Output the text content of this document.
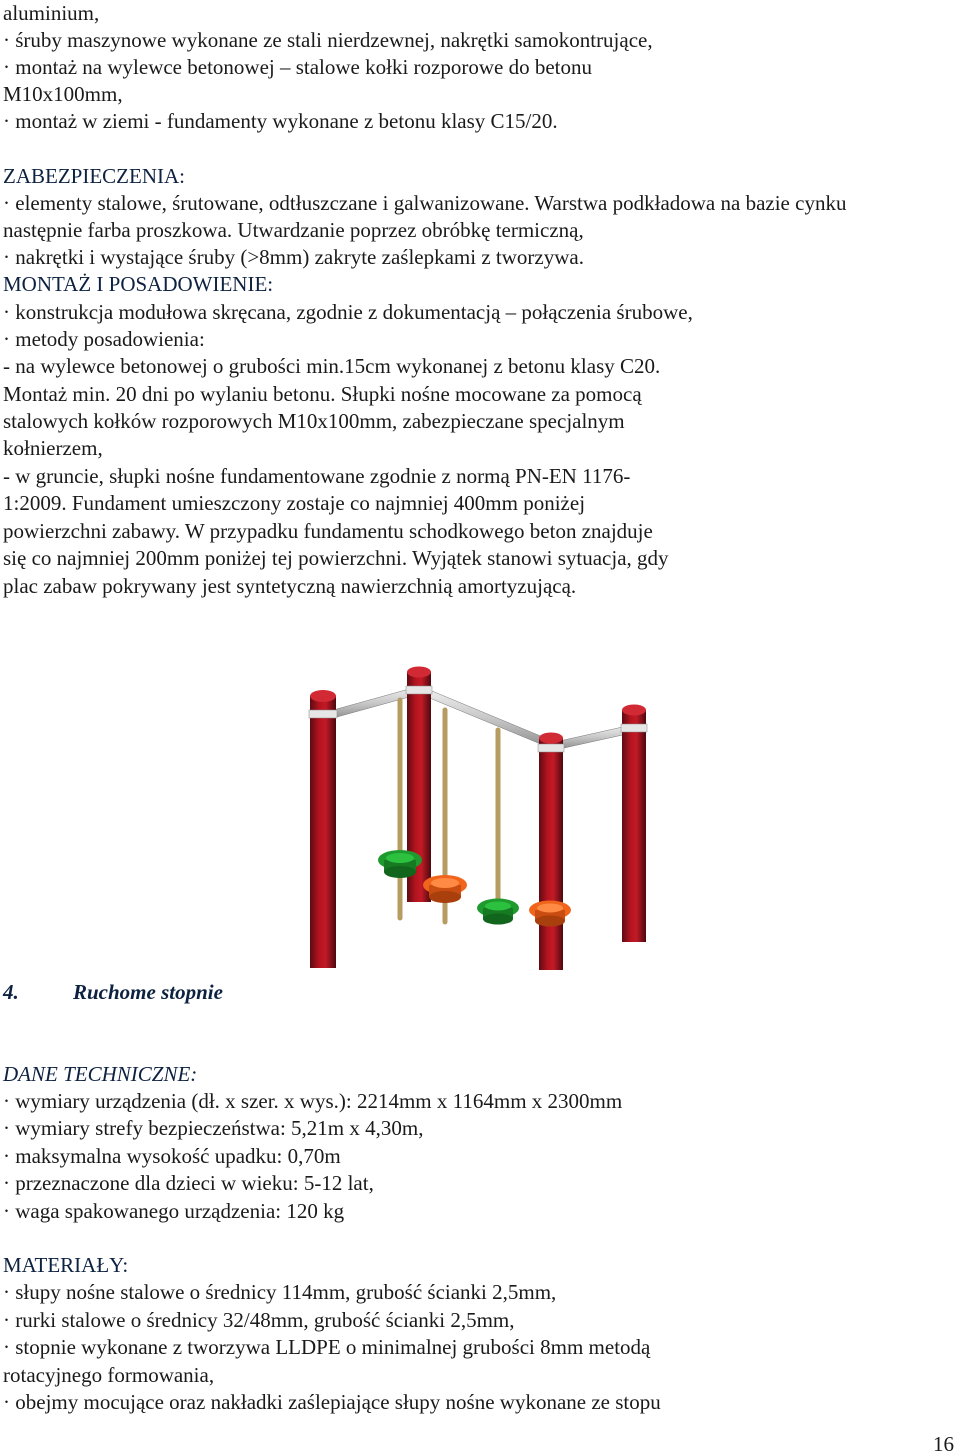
aluminium,
· śruby maszynowe wykonane ze stali nierdzewnej, nakrętki samokontrujące,
· montaż na wylewce betonowej – stalowe kołki rozporowe do betonu
M10x100mm,
· montaż w ziemi - fundamenty wykonane z betonu klasy C15/20.
ZABEZPIECZENIA:
· elementy stalowe, śrutowane, odtłuszczane i galwanizowane. Warstwa podkładowa na bazie cynku
następnie farba proszkowa. Utwardzanie poprzez obróbkę termiczną,
· nakrętki i wystające śruby (>8mm) zakryte zaślepkami z tworzywa.
MONTAŻ I POSADOWIENIE:
· konstrukcja modułowa skręcana, zgodnie z dokumentacją – połączenia śrubowe,
· metody posadowienia:
- na wylewce betonowej o grubości min.15cm wykonanej z betonu klasy C20.
Montaż min. 20 dni po wylaniu betonu. Słupki nośne mocowane za pomocą
stalowych kołków rozporowych M10x100mm, zabezpieczane specjalnym
kołnierzem,
- w gruncie, słupki nośne fundamentowane zgodnie z normą PN-EN 1176-
1:2009. Fundament umieszczony zostaje co najmniej 400mm poniżej
powierzchni zabawy. W przypadku fundamentu schodkowego beton znajduje
się co najmniej 200mm poniżej tej powierzchni. Wyjątek stanowi sytuacja, gdy
plac zabaw pokrywany jest syntetyczną nawierzchnią amortyzującą.
4.	Ruchome stopnie
DANE TECHNICZNE:
· wymiary urządzenia (dł. x szer. x wys.): 2214mm x 1164mm x 2300mm
· wymiary strefy bezpieczeństwa: 5,21m x 4,30m,
· maksymalna wysokość upadku: 0,70m
· przeznaczone dla dzieci w wieku: 5-12 lat,
· waga spakowanego urządzenia: 120 kg
MATERIAŁY:
· słupy nośne stalowe o średnicy 114mm, grubość ścianki 2,5mm,
· rurki stalowe o średnicy 32/48mm, grubość ścianki 2,5mm,
· stopnie wykonane z tworzywa LLDPE o minimalnej grubości 8mm metodą
rotacyjnego formowania,
· obejmy mocujące oraz nakładki zaślepiające słupy nośne wykonane ze stopu
16
